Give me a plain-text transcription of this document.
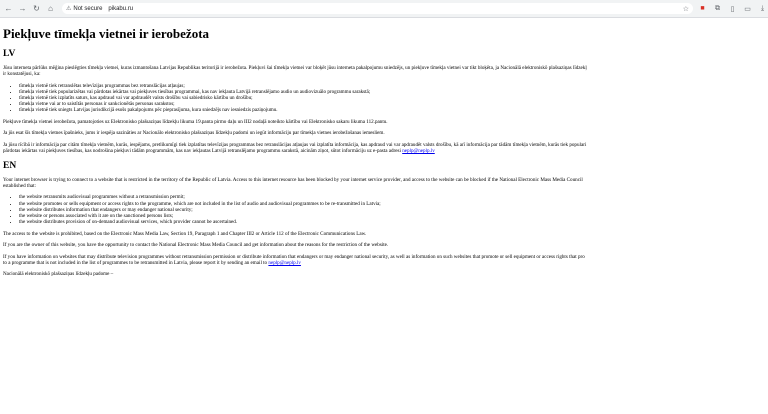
← → ↻	⌂	⚠ Not secure pikabu.ru	☆	■	⧉	▯	▭	⤓
Piekļuve tīmekļa vietnei ir ierobežota
LV

Jūsu interneta pārlūks mēģina pieslēgties tīmekļa vietnei, kuras izmantošana Latvijas Republikas teritorijā ir ierobežota. Piekļuvi šai tīmekļa vietnei var bloķēt jūsu interneta pakalpojumu sniedzējs, un piekļuve tīmekļa vietnei var tikt bloķēta, ja Nacionālā elektroniskō plašsaziņas līdzekļ
ir konstatējusi, ka:

• tīmekļa vietnē tiek retranslētas televīzijas programmas bez retranslācijas atļaujas;
• tīmekļa vietnē tiek popularizētas vai pārdotas iekārtas vai piekļuves tiesības programmai, kas nav iekļauta Latvijā retranslējamo audio un audiovizuālo programmu sarakstā;
• tīmekļa vietnē tiek izplatīts saturs, kas apdraud vai var apdraudēt valsts drošību vai sabiedrisko kārtību un drošību;
• tīmekļa vietne vai ar to saistītās personas ir sankcionētās personas sarakstos;
• tīmekļa vietnē tiek sniegts Latvijas jurisdikcijā esošs pakalpojums pēc pieprasījuma, kura sniedzējs nav iesniedzis paziņojumu.

Piekļuve tīmekļa vietnei ierobežota, pamatojoties uz Elektronisko plašsaziņas līdzekļu likuma 19.panta pirmo daļu un III2 nodaļā noteikto kārtību vai Elektronisko sakaru likuma 112.pantu.

Ja jūs esat šīs tīmekļa vietnes īpašnieks, jums ir iespēja sazināties ar Nacionālo elektronisko plašsaziņas līdzekļu padomi un iegūt informāciju par tīmekļa vietnes ierobežošanas iemesliem.

Ja jūsu rīcībā ir informācija par citām tīmekļa vietnēm, kurās, iespējams, pretlikumīgi tiek izplatītas televīzijas programmas bez retranslācijas atļaujas vai izplatīta informācija, kas apdraud vai var apdraudēt valsts drošību, kā arī informācija par tādām tīmekļa vietnēm, kurās tiek populari
pārdotas iekārtas vai piekļuves tiesības, kas nodrošina piekļuvi tādām programmām, kas nav iekļautas Latvijā retranslējamo programmu sarakstā, aicinām ziņot, sūtot informāciju uz e-pasta adresi neplp@neplp.lv

EN

Your internet browser is trying to connect to a website that is restricted in the territory of the Republic of Latvia. Access to this internet resource has been blocked by your internet service provider, and access to the website can be blocked if the National Electronic Mass Media Council
established that:

• the website retransmits audiovisual programmes without a retransmission permit;
• the website promotes or sells equipment or access rights to the programme, which are not included in the list of audio and audiovisual programmes to be re-transmitted in Latvia;
• the website distributes information that endangers or may endanger national security;
• the website or persons associated with it are on the sanctioned persons lists;
• the website distributes provision of on-demand audiovisual services, which provider cannot be ascertained.

The access to the website is prohibited, based on the Electronic Mass Media Law, Section 19, Paragraph 1 and Chapter III2 or Article 112 of the Electronic Communications Law.

If you are the owner of this website, you have the opportunity to contact the National Electronic Mass Media Council and get information about the reasons for the restriction of the website.

If you have information on websites that may distribute television programmes without retransmission permission or distribute information that endangers or may endanger national security, as well as information on such websites that promote or sell equipment or access rights that pro
to a programme that is not included in the list of programmes to be retransmitted in Latvia, please report it by sending an email to neplp@neplp.lv

Nacionālā elektroniskō plašsaziņas līdzekļu padome –
